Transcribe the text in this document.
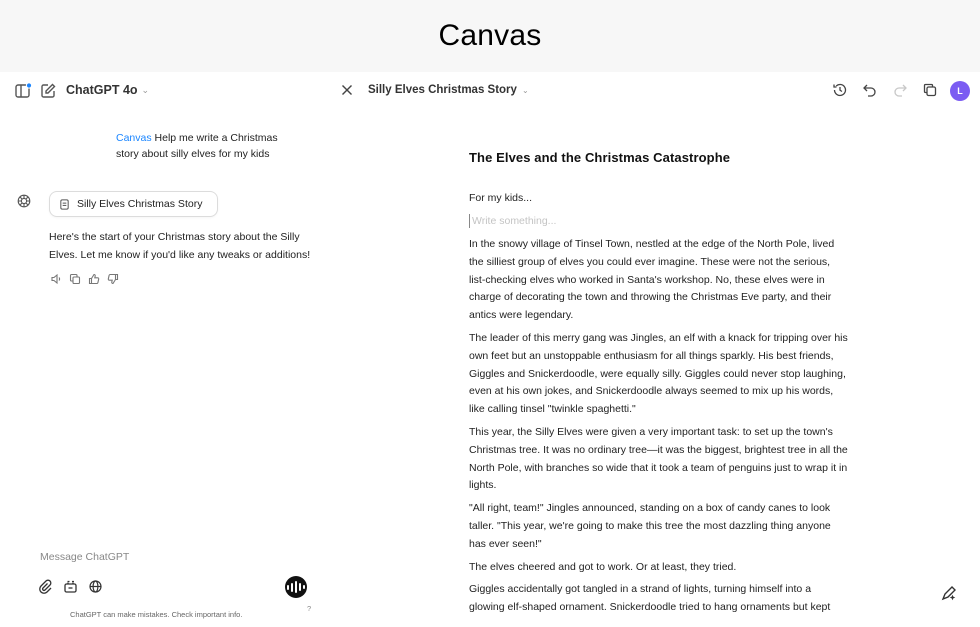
Canvas
ChatGPT 4o ⌄
Canvas Help me write a Christmas story about silly elves for my kids
Silly Elves Christmas Story
Here's the start of your Christmas story about the Silly Elves. Let me know if you'd like any tweaks or additions!
Message ChatGPT
ChatGPT can make mistakes. Check important info.
?
Silly Elves Christmas Story ⌄	L
The Elves and the Christmas Catastrophe
For my kids...
Write something...

In the snowy village of Tinsel Town, nestled at the edge of the North Pole, lived the silliest group of elves you could ever imagine. These were not the serious, list-checking elves who worked in Santa's workshop. No, these elves were in charge of decorating the town and throwing the Christmas Eve party, and their antics were legendary.

The leader of this merry gang was Jingles, an elf with a knack for tripping over his own feet but an unstoppable enthusiasm for all things sparkly. His best friends, Giggles and Snickerdoodle, were equally silly. Giggles could never stop laughing, even at his own jokes, and Snickerdoodle always seemed to mix up his words, like calling tinsel "twinkle spaghetti."

This year, the Silly Elves were given a very important task: to set up the town's Christmas tree. It was no ordinary tree—it was the biggest, brightest tree in all the North Pole, with branches so wide that it took a team of penguins just to wrap it in lights.

"All right, team!" Jingles announced, standing on a box of candy canes to look taller. "This year, we're going to make this tree the most dazzling thing anyone has ever seen!"

The elves cheered and got to work. Or at least, they tried.

Giggles accidentally got tangled in a strand of lights, turning himself into a glowing elf-shaped ornament. Snickerdoodle tried to hang ornaments but kept
